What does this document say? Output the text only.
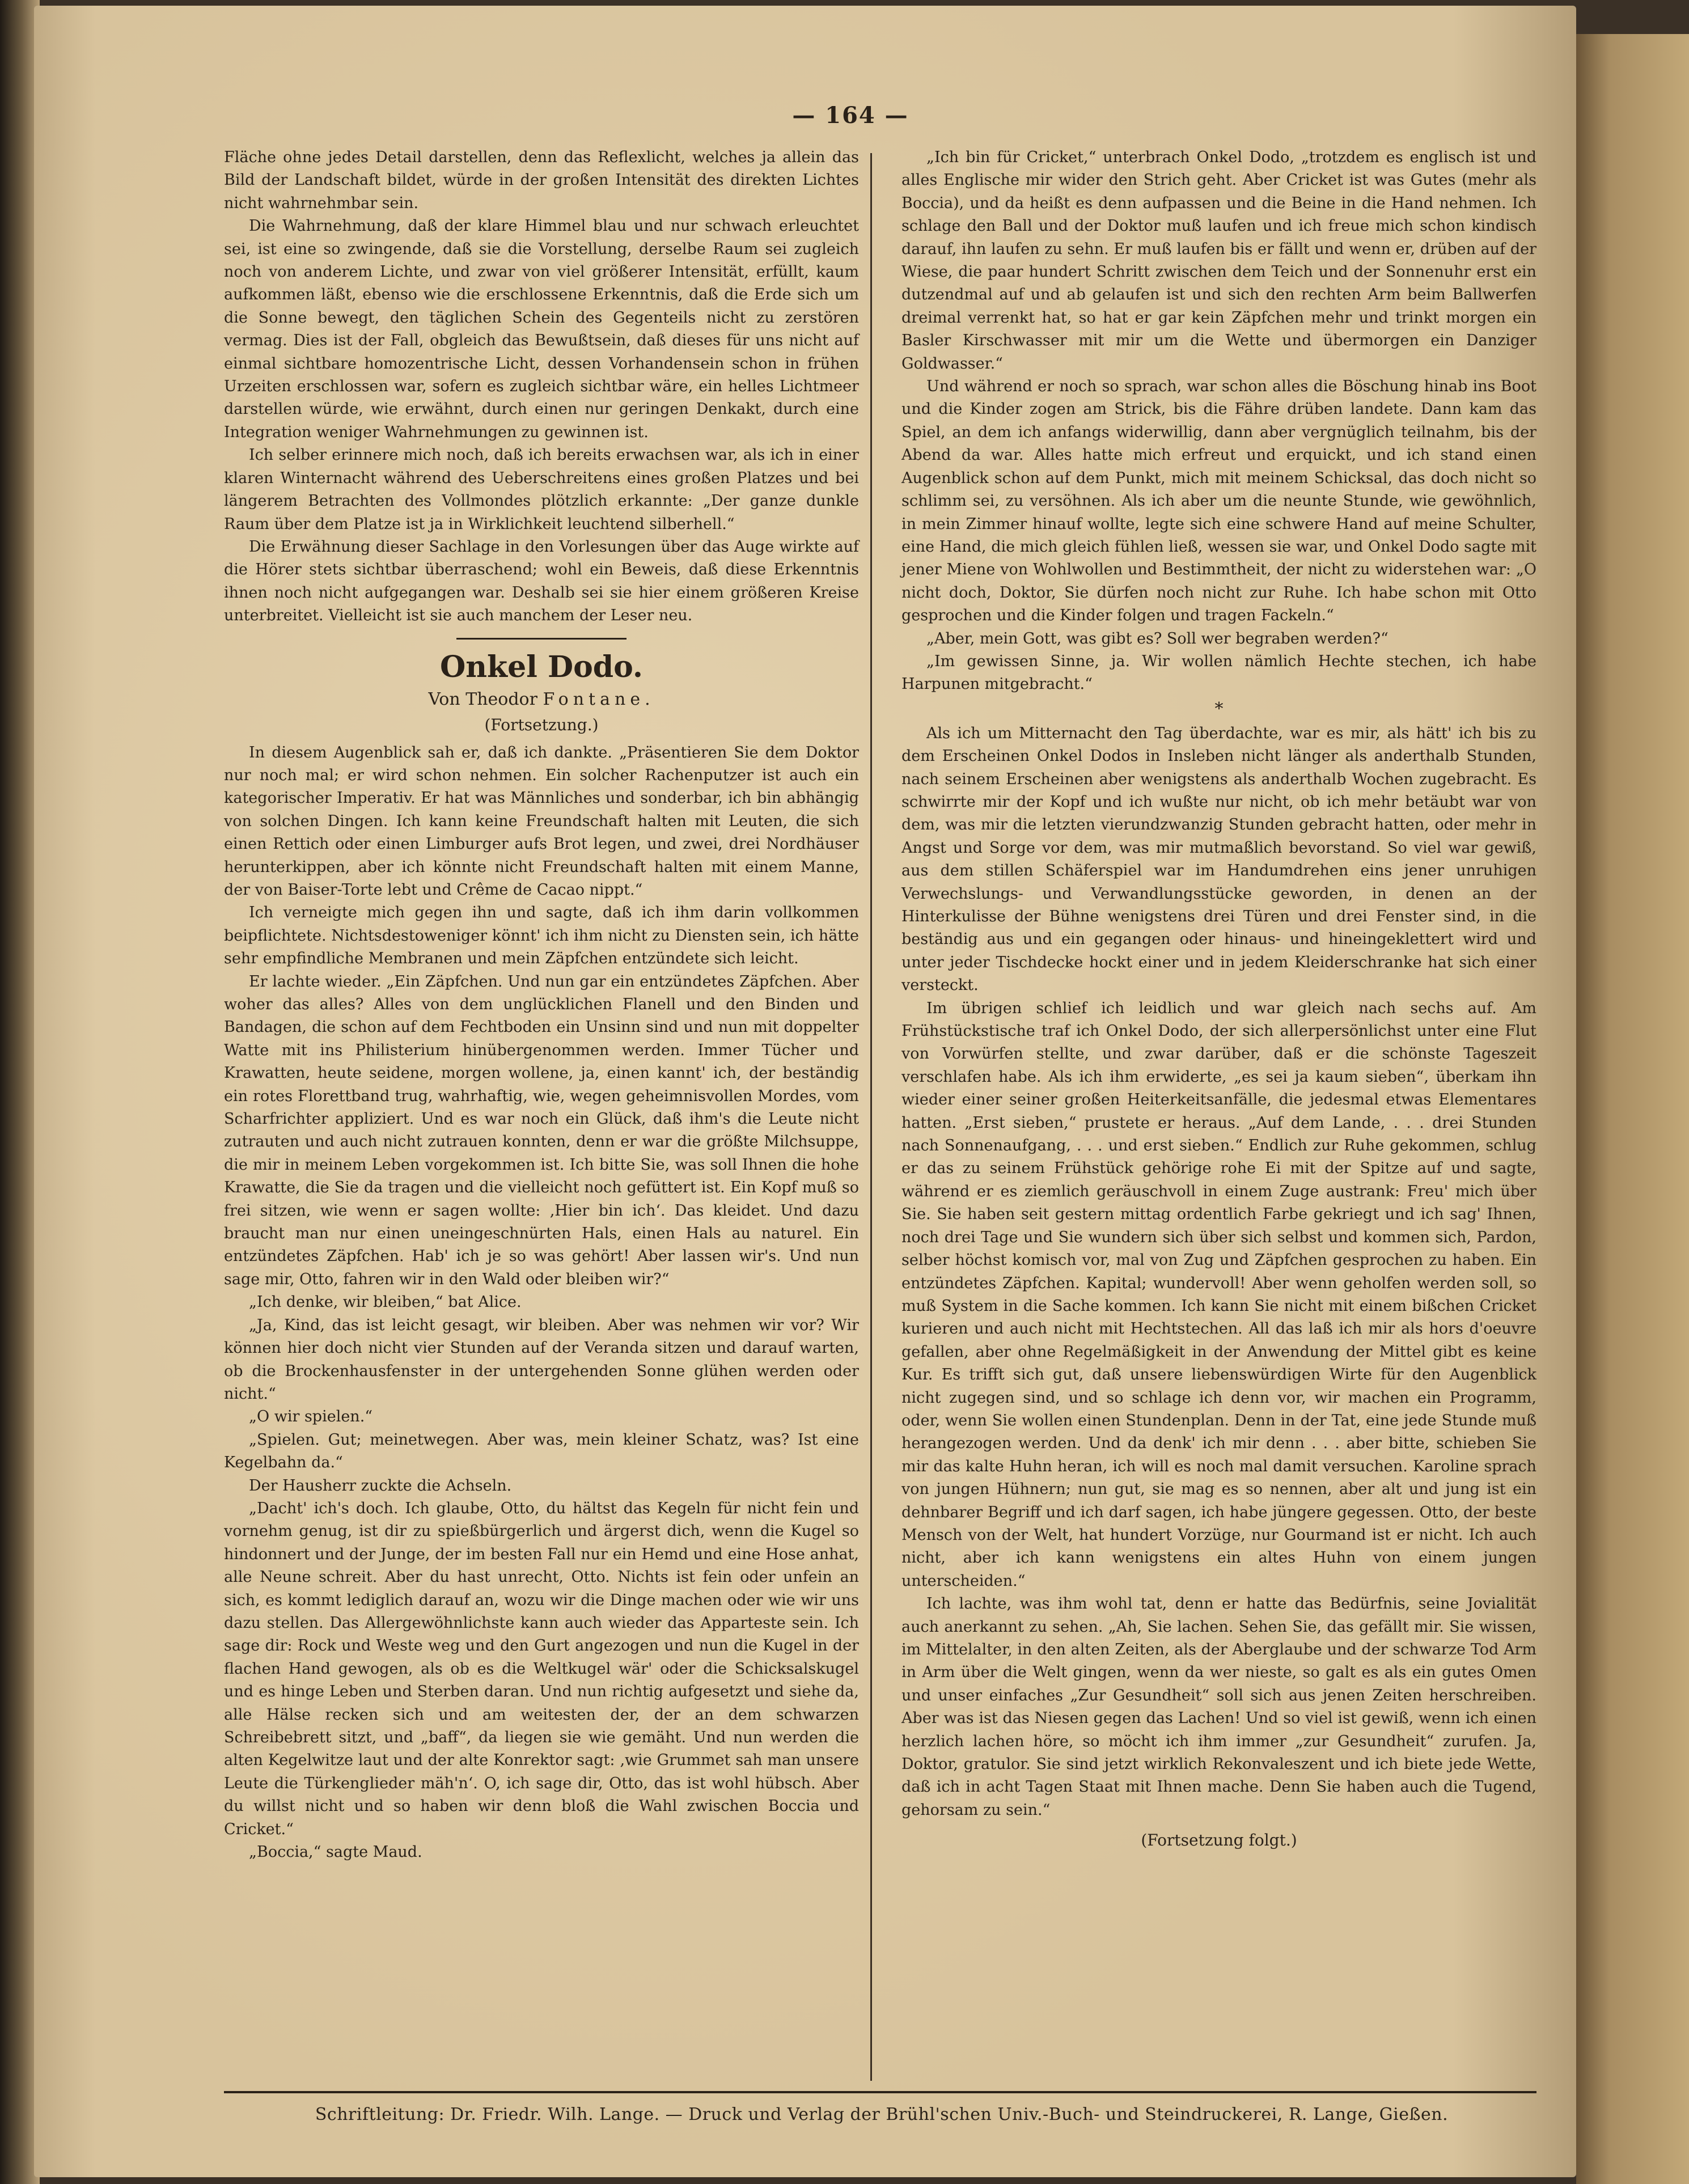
— 164 —

Fläche ohne jedes Detail darstellen, denn das Reflexlicht, welches ja allein das Bild der Landschaft bildet, würde in der großen Intensität des direkten Lichtes nicht wahrnehmbar sein.

Die Wahrnehmung, daß der klare Himmel blau und nur schwach erleuchtet sei, ist eine so zwingende, daß sie die Vorstellung, derselbe Raum sei zugleich noch von anderem Lichte, und zwar von viel größerer Intensität, erfüllt, kaum aufkommen läßt, ebenso wie die erschlossene Erkenntnis, daß die Erde sich um die Sonne bewegt, den täglichen Schein des Gegenteils nicht zu zerstören vermag. Dies ist der Fall, obgleich das Bewußtsein, daß dieses für uns nicht auf einmal sichtbare homozentrische Licht, dessen Vorhandensein schon in frühen Urzeiten erschlossen war, sofern es zugleich sichtbar wäre, ein helles Lichtmeer darstellen würde, wie erwähnt, durch einen nur geringen Denkakt, durch eine Integration weniger Wahrnehmungen zu gewinnen ist.

Ich selber erinnere mich noch, daß ich bereits erwachsen war, als ich in einer klaren Winternacht während des Ueberschreitens eines großen Platzes und bei längerem Betrachten des Vollmondes plötzlich erkannte: „Der ganze dunkle Raum über dem Platze ist ja in Wirklichkeit leuchtend silberhell.“

Die Erwähnung dieser Sachlage in den Vorlesungen über das Auge wirkte auf die Hörer stets sichtbar überraschend; wohl ein Beweis, daß diese Erkenntnis ihnen noch nicht aufgegangen war. Deshalb sei sie hier einem größeren Kreise unterbreitet. Vielleicht ist sie auch manchem der Leser neu.

Onkel Dodo.
Von Theodor Fontane.
(Fortsetzung.)

In diesem Augenblick sah er, daß ich dankte. „Präsentieren Sie dem Doktor nur noch mal; er wird schon nehmen. Ein solcher Rachenputzer ist auch ein kategorischer Imperativ. Er hat was Männliches und sonderbar, ich bin abhängig von solchen Dingen. Ich kann keine Freundschaft halten mit Leuten, die sich einen Rettich oder einen Limburger aufs Brot legen, und zwei, drei Nordhäuser herunterkippen, aber ich könnte nicht Freundschaft halten mit einem Manne, der von Baiser-Torte lebt und Crême de Cacao nippt.“

Ich verneigte mich gegen ihn und sagte, daß ich ihm darin vollkommen beipflichtete. Nichtsdestoweniger könnt' ich ihm nicht zu Diensten sein, ich hätte sehr empfindliche Membranen und mein Zäpfchen entzündete sich leicht.

Er lachte wieder. „Ein Zäpfchen. Und nun gar ein entzündetes Zäpfchen. Aber woher das alles? Alles von dem unglücklichen Flanell und den Binden und Bandagen, die schon auf dem Fechtboden ein Unsinn sind und nun mit doppelter Watte mit ins Philisterium hinübergenommen werden. Immer Tücher und Krawatten, heute seidene, morgen wollene, ja, einen kannt' ich, der beständig ein rotes Florettband trug, wahrhaftig, wie, wegen geheimnisvollen Mordes, vom Scharfrichter appliziert. Und es war noch ein Glück, daß ihm's die Leute nicht zutrauten und auch nicht zutrauen konnten, denn er war die größte Milchsuppe, die mir in meinem Leben vorgekommen ist. Ich bitte Sie, was soll Ihnen die hohe Krawatte, die Sie da tragen und die vielleicht noch gefüttert ist. Ein Kopf muß so frei sitzen, wie wenn er sagen wollte: ‚Hier bin ich‘. Das kleidet. Und dazu braucht man nur einen uneingeschnürten Hals, einen Hals au naturel. Ein entzündetes Zäpfchen. Hab' ich je so was gehört! Aber lassen wir's. Und nun sage mir, Otto, fahren wir in den Wald oder bleiben wir?“

„Ich denke, wir bleiben,“ bat Alice.

„Ja, Kind, das ist leicht gesagt, wir bleiben. Aber was nehmen wir vor? Wir können hier doch nicht vier Stunden auf der Veranda sitzen und darauf warten, ob die Brockenhausfenster in der untergehenden Sonne glühen werden oder nicht.“

„O wir spielen.“

„Spielen. Gut; meinetwegen. Aber was, mein kleiner Schatz, was? Ist eine Kegelbahn da.“

Der Hausherr zuckte die Achseln.

„Dacht' ich's doch. Ich glaube, Otto, du hältst das Kegeln für nicht fein und vornehm genug, ist dir zu spießbürgerlich und ärgerst dich, wenn die Kugel so hindonnert und der Junge, der im besten Fall nur ein Hemd und eine Hose anhat, alle Neune schreit. Aber du hast unrecht, Otto. Nichts ist fein oder unfein an sich, es kommt lediglich darauf an, wozu wir die Dinge machen oder wie wir uns dazu stellen. Das Allergewöhnlichste kann auch wieder das Apparteste sein. Ich sage dir: Rock und Weste weg und den Gurt angezogen und nun die Kugel in der flachen Hand gewogen, als ob es die Weltkugel wär' oder die Schicksalskugel und es hinge Leben und Sterben daran. Und nun richtig aufgesetzt und siehe da, alle Hälse recken sich und am weitesten der, der an dem schwarzen Schreibebrett sitzt, und „baff“, da liegen sie wie gemäht. Und nun werden die alten Kegelwitze laut und der alte Konrektor sagt: ‚wie Grummet sah man unsere Leute die Türkenglieder mäh'n‘. O, ich sage dir, Otto, das ist wohl hübsch. Aber du willst nicht und so haben wir denn bloß die Wahl zwischen Boccia und Cricket.“

„Boccia,“ sagte Maud.

„Ich bin für Cricket,“ unterbrach Onkel Dodo, „trotzdem es englisch ist und alles Englische mir wider den Strich geht. Aber Cricket ist was Gutes (mehr als Boccia), und da heißt es denn aufpassen und die Beine in die Hand nehmen. Ich schlage den Ball und der Doktor muß laufen und ich freue mich schon kindisch darauf, ihn laufen zu sehn. Er muß laufen bis er fällt und wenn er, drüben auf der Wiese, die paar hundert Schritt zwischen dem Teich und der Sonnenuhr erst ein dutzendmal auf und ab gelaufen ist und sich den rechten Arm beim Ballwerfen dreimal verrenkt hat, so hat er gar kein Zäpfchen mehr und trinkt morgen ein Basler Kirschwasser mit mir um die Wette und übermorgen ein Danziger Goldwasser.“

Und während er noch so sprach, war schon alles die Böschung hinab ins Boot und die Kinder zogen am Strick, bis die Fähre drüben landete. Dann kam das Spiel, an dem ich anfangs widerwillig, dann aber vergnüglich teilnahm, bis der Abend da war. Alles hatte mich erfreut und erquickt, und ich stand einen Augenblick schon auf dem Punkt, mich mit meinem Schicksal, das doch nicht so schlimm sei, zu versöhnen. Als ich aber um die neunte Stunde, wie gewöhnlich, in mein Zimmer hinauf wollte, legte sich eine schwere Hand auf meine Schulter, eine Hand, die mich gleich fühlen ließ, wessen sie war, und Onkel Dodo sagte mit jener Miene von Wohlwollen und Bestimmtheit, der nicht zu widerstehen war: „O nicht doch, Doktor, Sie dürfen noch nicht zur Ruhe. Ich habe schon mit Otto gesprochen und die Kinder folgen und tragen Fackeln.“

„Aber, mein Gott, was gibt es? Soll wer begraben werden?“

„Im gewissen Sinne, ja. Wir wollen nämlich Hechte stechen, ich habe Harpunen mitgebracht.“

*

Als ich um Mitternacht den Tag überdachte, war es mir, als hätt' ich bis zu dem Erscheinen Onkel Dodos in Insleben nicht länger als anderthalb Stunden, nach seinem Erscheinen aber wenigstens als anderthalb Wochen zugebracht. Es schwirrte mir der Kopf und ich wußte nur nicht, ob ich mehr betäubt war von dem, was mir die letzten vierundzwanzig Stunden gebracht hatten, oder mehr in Angst und Sorge vor dem, was mir mutmaßlich bevorstand. So viel war gewiß, aus dem stillen Schäferspiel war im Handumdrehen eins jener unruhigen Verwechslungs- und Verwandlungsstücke geworden, in denen an der Hinterkulisse der Bühne wenigstens drei Türen und drei Fenster sind, in die beständig aus und ein gegangen oder hinaus- und hineingeklettert wird und unter jeder Tischdecke hockt einer und in jedem Kleiderschranke hat sich einer versteckt.

Im übrigen schlief ich leidlich und war gleich nach sechs auf. Am Frühstückstische traf ich Onkel Dodo, der sich allerpersönlichst unter eine Flut von Vorwürfen stellte, und zwar darüber, daß er die schönste Tageszeit verschlafen habe. Als ich ihm erwiderte, „es sei ja kaum sieben“, überkam ihn wieder einer seiner großen Heiterkeitsanfälle, die jedesmal etwas Elementares hatten. „Erst sieben,“ prustete er heraus. „Auf dem Lande, . . . drei Stunden nach Sonnenaufgang, . . . und erst sieben.“ Endlich zur Ruhe gekommen, schlug er das zu seinem Frühstück gehörige rohe Ei mit der Spitze auf und sagte, während er es ziemlich geräuschvoll in einem Zuge austrank: Freu' mich über Sie. Sie haben seit gestern mittag ordentlich Farbe gekriegt und ich sag' Ihnen, noch drei Tage und Sie wundern sich über sich selbst und kommen sich, Pardon, selber höchst komisch vor, mal von Zug und Zäpfchen gesprochen zu haben. Ein entzündetes Zäpfchen. Kapital; wundervoll! Aber wenn geholfen werden soll, so muß System in die Sache kommen. Ich kann Sie nicht mit einem bißchen Cricket kurieren und auch nicht mit Hechtstechen. All das laß ich mir als hors d'oeuvre gefallen, aber ohne Regelmäßigkeit in der Anwendung der Mittel gibt es keine Kur. Es trifft sich gut, daß unsere liebenswürdigen Wirte für den Augenblick nicht zugegen sind, und so schlage ich denn vor, wir machen ein Programm, oder, wenn Sie wollen einen Stundenplan. Denn in der Tat, eine jede Stunde muß herangezogen werden. Und da denk' ich mir denn . . . aber bitte, schieben Sie mir das kalte Huhn heran, ich will es noch mal damit versuchen. Karoline sprach von jungen Hühnern; nun gut, sie mag es so nennen, aber alt und jung ist ein dehnbarer Begriff und ich darf sagen, ich habe jüngere gegessen. Otto, der beste Mensch von der Welt, hat hundert Vorzüge, nur Gourmand ist er nicht. Ich auch nicht, aber ich kann wenigstens ein altes Huhn von einem jungen unterscheiden.“

Ich lachte, was ihm wohl tat, denn er hatte das Bedürfnis, seine Jovialität auch anerkannt zu sehen. „Ah, Sie lachen. Sehen Sie, das gefällt mir. Sie wissen, im Mittelalter, in den alten Zeiten, als der Aberglaube und der schwarze Tod Arm in Arm über die Welt gingen, wenn da wer nieste, so galt es als ein gutes Omen und unser einfaches „Zur Gesundheit“ soll sich aus jenen Zeiten herschreiben. Aber was ist das Niesen gegen das Lachen! Und so viel ist gewiß, wenn ich einen herzlich lachen höre, so möcht ich ihm immer „zur Gesundheit“ zurufen. Ja, Doktor, gratulor. Sie sind jetzt wirklich Rekonvaleszent und ich biete jede Wette, daß ich in acht Tagen Staat mit Ihnen mache. Denn Sie haben auch die Tugend, gehorsam zu sein.“

(Fortsetzung folgt.)
Schriftleitung: Dr. Friedr. Wilh. Lange. — Druck und Verlag der Brühl'schen Univ.-Buch- und Steindruckerei, R. Lange, Gießen.
